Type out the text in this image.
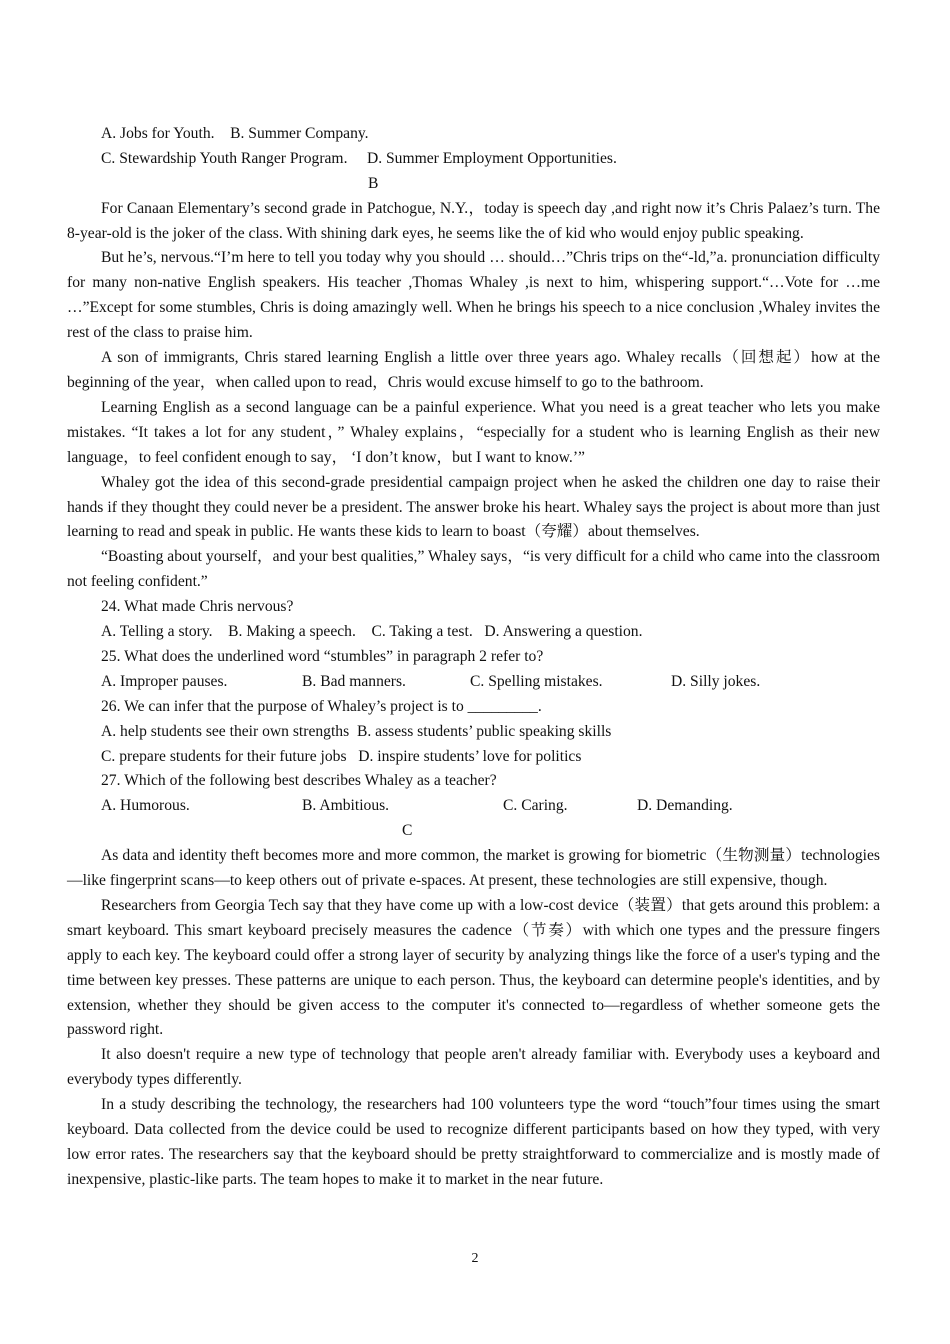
A. Jobs for Youth.    B. Summer Company.
C. Stewardship Youth Ranger Program.     D. Summer Employment Opportunities.
B
For Canaan Elementary’s second grade in Patchogue, N.Y.，today is speech day ,and right now it’s Chris Palaez’s turn. The 8-year-old is the joker of the class. With shining dark eyes, he seems like the of kid who would enjoy public speaking.
But he’s, nervous.“I’m here to tell you today why you should … should…”Chris trips on the“-ld,”a. pronunciation difficulty for many non-native English speakers. His teacher ,Thomas Whaley ,is next to him, whispering support.“…Vote for …me …”Except for some stumbles, Chris is doing amazingly well. When he brings his speech to a nice conclusion ,Whaley invites the rest of the class to praise him.
A son of immigrants, Chris stared learning English a little over three years ago. Whaley recalls（回想起）how at the beginning of the year，when called upon to read，Chris would excuse himself to go to the bathroom.
Learning English as a second language can be a painful experience. What you need is a great teacher who lets you make mistakes. “It takes a lot for any student，” Whaley explains，“especially for a student who is learning English as their new language，to feel confident enough to say， ‘I don’t know，but I want to know.’”
Whaley got the idea of this second-grade presidential campaign project when he asked the children one day to raise their hands if they thought they could never be a president. The answer broke his heart. Whaley says the project is about more than just learning to read and speak in public. He wants these kids to learn to boast（夸耀）about themselves.
“Boasting about yourself，and your best qualities,” Whaley says，“is very difficult for a child who came into the classroom not feeling confident.”
24. What made Chris nervous?
A. Telling a story.    B. Making a speech.    C. Taking a test.   D. Answering a question.
25. What does the underlined word “stumbles” in paragraph 2 refer to?
A. Improper pauses.	B. Bad manners.	C. Spelling mistakes.	D. Silly jokes.
26. We can infer that the purpose of Whaley’s project is to _________.
A. help students see their own strengths  B. assess students’ public speaking skills
C. prepare students for their future jobs   D. inspire students’ love for politics
27. Which of the following best describes Whaley as a teacher?
A. Humorous.	B. Ambitious.	C. Caring.	D. Demanding.
C
As data and identity theft becomes more and more common, the market is growing for biometric（生物测量）technologies—like fingerprint scans—to keep others out of private e-spaces. At present, these technologies are still expensive, though.
Researchers from Georgia Tech say that they have come up with a low-cost device（装置）that gets around this problem: a smart keyboard. This smart keyboard precisely measures the cadence（节奏）with which one types and the pressure fingers apply to each key. The keyboard could offer a strong layer of security by analyzing things like the force of a user's typing and the time between key presses. These patterns are unique to each person. Thus, the keyboard can determine people's identities, and by extension, whether they should be given access to the computer it's connected to—regardless of whether someone gets the password right.
It also doesn't require a new type of technology that people aren't already familiar with. Everybody uses a keyboard and everybody types differently.
In a study describing the technology, the researchers had 100 volunteers type the word “touch”four times using the smart keyboard. Data collected from the device could be used to recognize different participants based on how they typed, with very low error rates. The researchers say that the keyboard should be pretty straightforward to commercialize and is mostly made of inexpensive, plastic-like parts. The team hopes to make it to market in the near future.
2
